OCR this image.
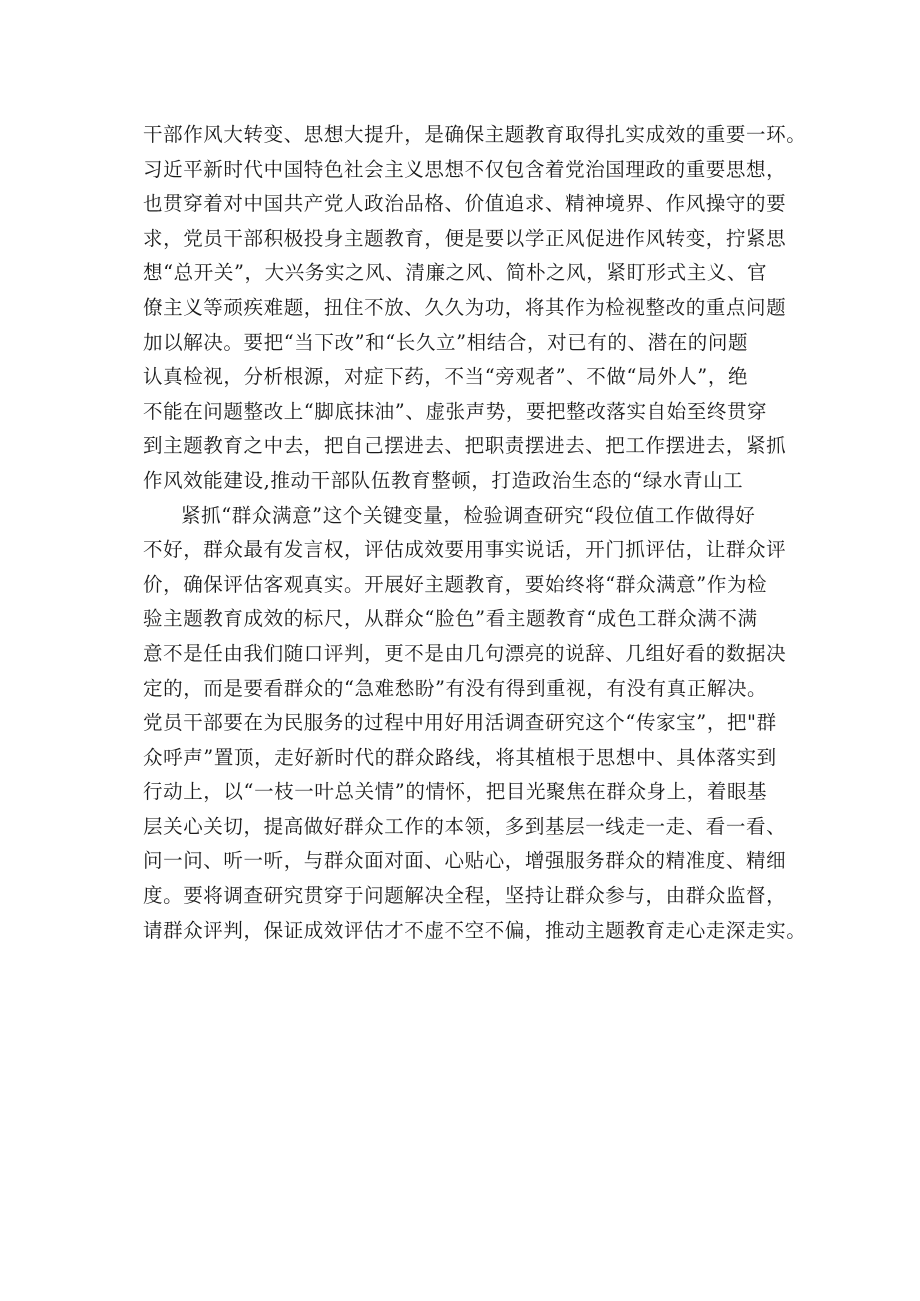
干部作风大转变、思想大提升，是确保主题教育取得扎实成效的重要一环。
习近平新时代中国特色社会主义思想不仅包含着党治国理政的重要思想，
也贯穿着对中国共产党人政治品格、价值追求、精神境界、作风操守的要
求，党员干部积极投身主题教育，便是要以学正风促进作风转变，拧紧思
想“总开关”，大兴务实之风、清廉之风、简朴之风，紧盯形式主义、官
僚主义等顽疾难题，扭住不放、久久为功，将其作为检视整改的重点问题
加以解决。要把“当下改”和“长久立”相结合，对已有的、潜在的问题
认真检视，分析根源，对症下药，不当“旁观者”、不做“局外人”，绝
不能在问题整改上“脚底抹油”、虚张声势，要把整改落实自始至终贯穿
到主题教育之中去，把自己摆进去、把职责摆进去、把工作摆进去，紧抓
作风效能建设,推动干部队伍教育整顿，打造政治生态的“绿水青山工
紧抓“群众满意”这个关键变量，检验调查研究“段位值工作做得好
不好，群众最有发言权，评估成效要用事实说话，开门抓评估，让群众评
价，确保评估客观真实。开展好主题教育，要始终将“群众满意”作为检
验主题教育成效的标尺，从群众“脸色”看主题教育“成色工群众满不满
意不是任由我们随口评判，更不是由几句漂亮的说辞、几组好看的数据决
定的，而是要看群众的“急难愁盼”有没有得到重视，有没有真正解决。
党员干部要在为民服务的过程中用好用活调查研究这个“传家宝”，把"群
众呼声”置顶，走好新时代的群众路线，将其植根于思想中、具体落实到
行动上，以“一枝一叶总关情”的情怀，把目光聚焦在群众身上，着眼基
层关心关切，提高做好群众工作的本领，多到基层一线走一走、看一看、
问一问、听一听，与群众面对面、心贴心，增强服务群众的精准度、精细
度。要将调查研究贯穿于问题解决全程，坚持让群众参与，由群众监督，
请群众评判，保证成效评估才不虚不空不偏，推动主题教育走心走深走实。
